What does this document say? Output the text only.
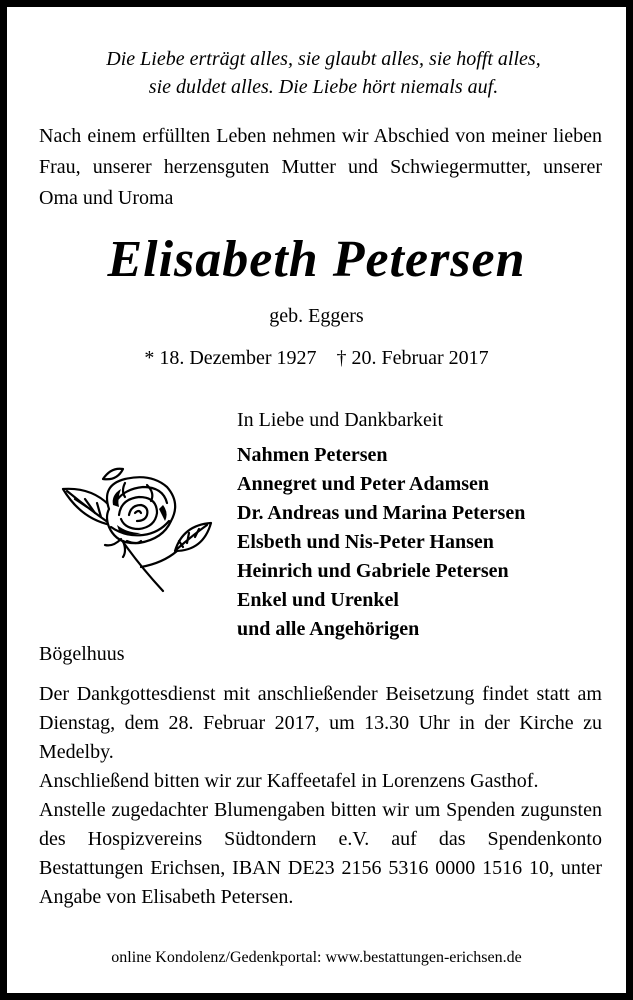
Die Liebe erträgt alles, sie glaubt alles, sie hofft alles,
sie duldet alles. Die Liebe hört niemals auf.
Nach einem erfüllten Leben nehmen wir Abschied von meiner lieben Frau, unserer herzensguten Mutter und Schwiegermutter, unserer Oma und Uroma
Elisabeth Petersen
geb. Eggers
* 18. Dezember 1927 † 20. Februar 2017
In Liebe und Dankbarkeit
Nahmen Petersen
Annegret und Peter Adamsen
Dr. Andreas und Marina Petersen
Elsbeth und Nis-Peter Hansen
Heinrich und Gabriele Petersen
Enkel und Urenkel
und alle Angehörigen
Bögelhuus

Der Dankgottesdienst mit anschließender Beisetzung findet statt am Dienstag, dem 28. Februar 2017, um 13.30 Uhr in der Kirche zu Medelby.

Anschließend bitten wir zur Kaffeetafel in Lorenzens Gasthof.

Anstelle zugedachter Blumengaben bitten wir um Spenden zugunsten des Hospizvereins Südtondern e.V. auf das Spendenkonto Bestattungen Erichsen, IBAN DE23 2156 5316 0000 1516 10, unter Angabe von Elisabeth Petersen.

online Kondolenz/Gedenkportal: www.bestattungen-erichsen.de
